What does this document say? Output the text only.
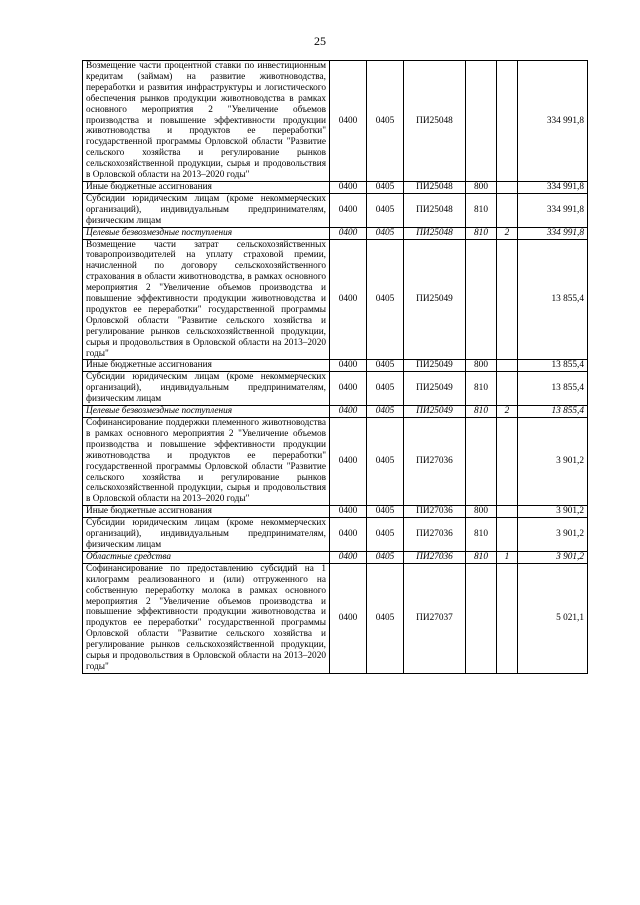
25
Возмещение части процентной ставки по инвестиционным кредитам (займам) на развитие животноводства, переработки и развития инфраструктуры и логистического обеспечения рынков продукции животноводства в рамках основного мероприятия 2 "Увеличение объемов производства и повышение эффективности продукции животноводства и продуктов ее переработки" государственной программы Орловской области "Развитие сельского хозяйства и регулирование рынков сельскохозяйственной продукции, сырья и продовольствия в Орловской области на 2013–2020 годы"	0400	0405	ПИ25048			334 991,8
Иные бюджетные ассигнования	0400	0405	ПИ25048	800		334 991,8
Субсидии юридическим лицам (кроме некоммерческих организаций), индивидуальным предпринимателям, физическим лицам	0400	0405	ПИ25048	810		334 991,8
Целевые безвозмездные поступления	0400	0405	ПИ25048	810	2	334 991,8
Возмещение части затрат сельскохозяйственных товаропроизводителей на уплату страховой премии, начисленной по договору сельскохозяйственного страхования в области животноводства, в рамках основного мероприятия 2 "Увеличение объемов производства и повышение эффективности продукции животноводства и продуктов ее переработки" государственной программы Орловской области "Развитие сельского хозяйства и регулирование рынков сельскохозяйственной продукции, сырья и продовольствия в Орловской области на 2013–2020 годы"	0400	0405	ПИ25049			13 855,4
Иные бюджетные ассигнования	0400	0405	ПИ25049	800		13 855,4
Субсидии юридическим лицам (кроме некоммерческих организаций), индивидуальным предпринимателям, физическим лицам	0400	0405	ПИ25049	810		13 855,4
Целевые безвозмездные поступления	0400	0405	ПИ25049	810	2	13 855,4
Софинансирование поддержки племенного животноводства в рамках основного мероприятия 2 "Увеличение объемов производства и повышение эффективности продукции животноводства и продуктов ее переработки" государственной программы Орловской области "Развитие сельского хозяйства и регулирование рынков сельскохозяйственной продукции, сырья и продовольствия в Орловской области на 2013–2020 годы"	0400	0405	ПИ27036			3 901,2
Иные бюджетные ассигнования	0400	0405	ПИ27036	800		3 901,2
Субсидии юридическим лицам (кроме некоммерческих организаций), индивидуальным предпринимателям, физическим лицам	0400	0405	ПИ27036	810		3 901,2
Областные средства	0400	0405	ПИ27036	810	1	3 901,2
Софинансирование по предоставлению субсидий на 1 килограмм реализованного и (или) отгруженного на собственную переработку молока в рамках основного мероприятия 2 "Увеличение объемов производства и повышение эффективности продукции животноводства и продуктов ее переработки" государственной программы Орловской области "Развитие сельского хозяйства и регулирование рынков сельскохозяйственной продукции, сырья и продовольствия в Орловской области на 2013–2020 годы"	0400	0405	ПИ27037			5 021,1
